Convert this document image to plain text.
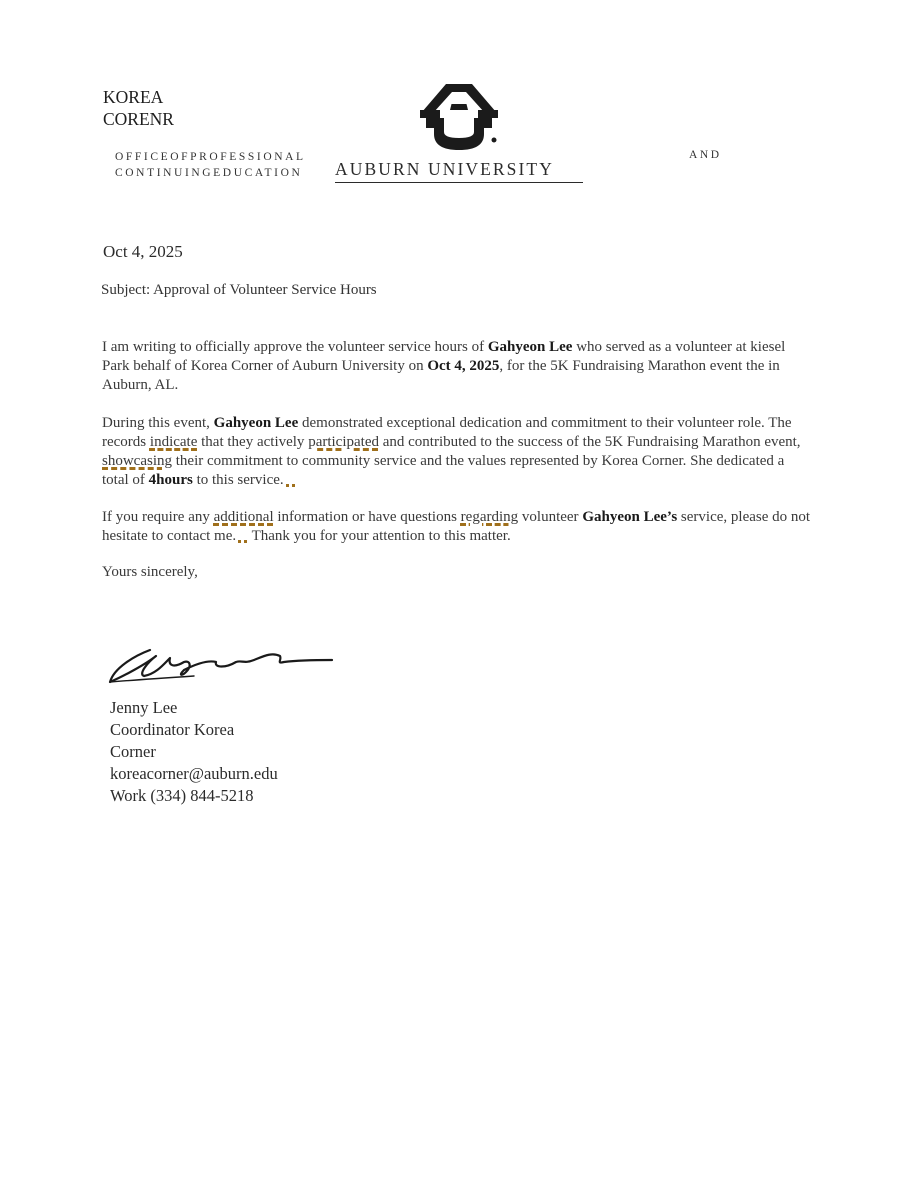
KOREA
CORENR
OFFICEOFPROFESSIONAL
CONTINUINGEDUCATION
AND
AUBURN UNIVERSITY
Oct 4, 2025
Subject: Approval of Volunteer Service Hours

I am writing to officially approve the volunteer service hours of Gahyeon Lee who served as a volunteer at kiesel Park behalf of Korea Corner of Auburn University on Oct 4, 2025, for the 5K Fundraising Marathon event the in Auburn, AL.

During this event, Gahyeon Lee demonstrated exceptional dedication and commitment to their volunteer role. The records indicate that they actively participated and contributed to the success of the 5K Fundraising Marathon event, showcasing their commitment to community service and the values represented by Korea Corner. She dedicated a total of 4hours to this service.

If you require any additional information or have questions regarding volunteer Gahyeon Lee’s service, please do not hesitate to contact me. Thank you for your attention to this matter.

Yours sincerely,
Jenny Lee
Coordinator Korea
Corner
koreacorner@auburn.edu
Work (334) 844-5218
